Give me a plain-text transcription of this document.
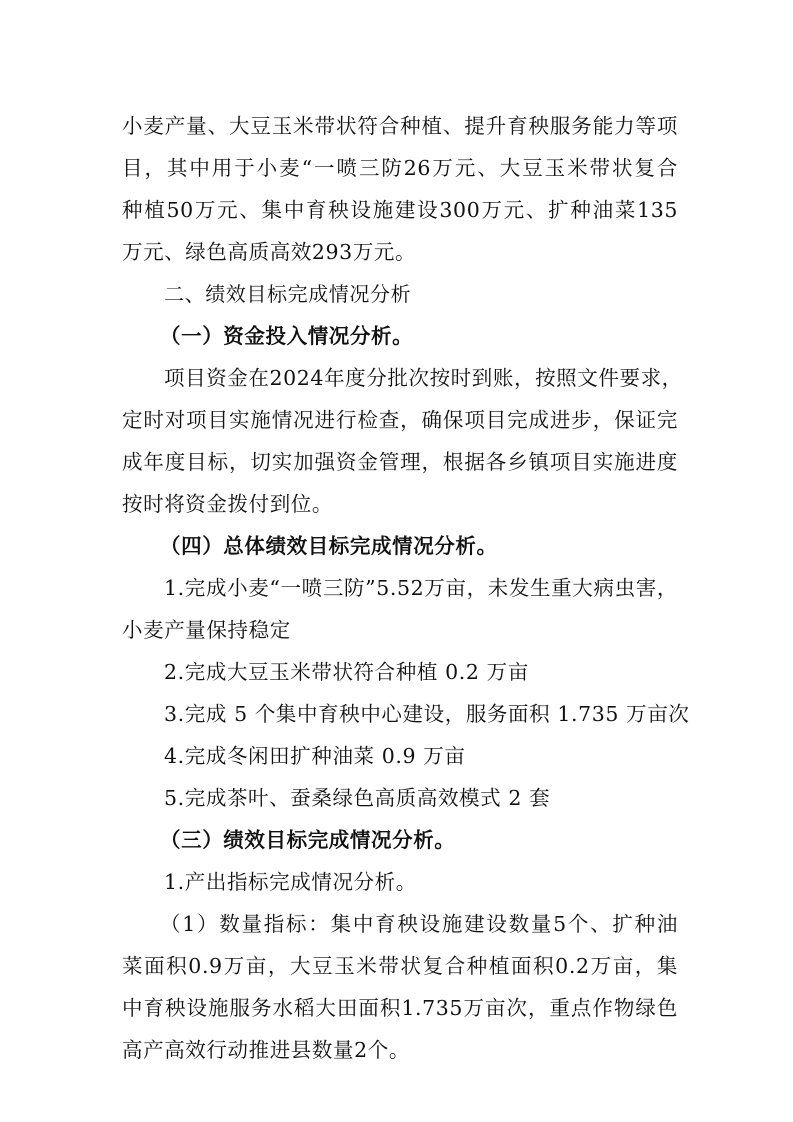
小麦产量、大豆玉米带状符合种植、提升育秧服务能力等项
目，其中用于小麦“一喷三防26万元、大豆玉米带状复合
种植50万元、集中育秧设施建设300万元、扩种油菜135
万元、绿色高质高效293万元。
二、绩效目标完成情况分析
（一）资金投入情况分析。
项目资金在2024年度分批次按时到账，按照文件要求，
定时对项目实施情况进行检查，确保项目完成进步，保证完
成年度目标，切实加强资金管理，根据各乡镇项目实施进度
按时将资金拨付到位。
（四）总体绩效目标完成情况分析。
1.完成小麦“一喷三防”5.52万亩，未发生重大病虫害，
小麦产量保持稳定
2.完成大豆玉米带状符合种植 0.2 万亩
3.完成 5 个集中育秧中心建设，服务面积 1.735 万亩次
4.完成冬闲田扩种油菜 0.9 万亩
5.完成茶叶、蚕桑绿色高质高效模式 2 套
（三）绩效目标完成情况分析。
1.产出指标完成情况分析。
（1）数量指标：集中育秧设施建设数量5个、扩种油
菜面积0.9万亩，大豆玉米带状复合种植面积0.2万亩，集
中育秧设施服务水稻大田面积1.735万亩次，重点作物绿色
高产高效行动推进县数量2个。
